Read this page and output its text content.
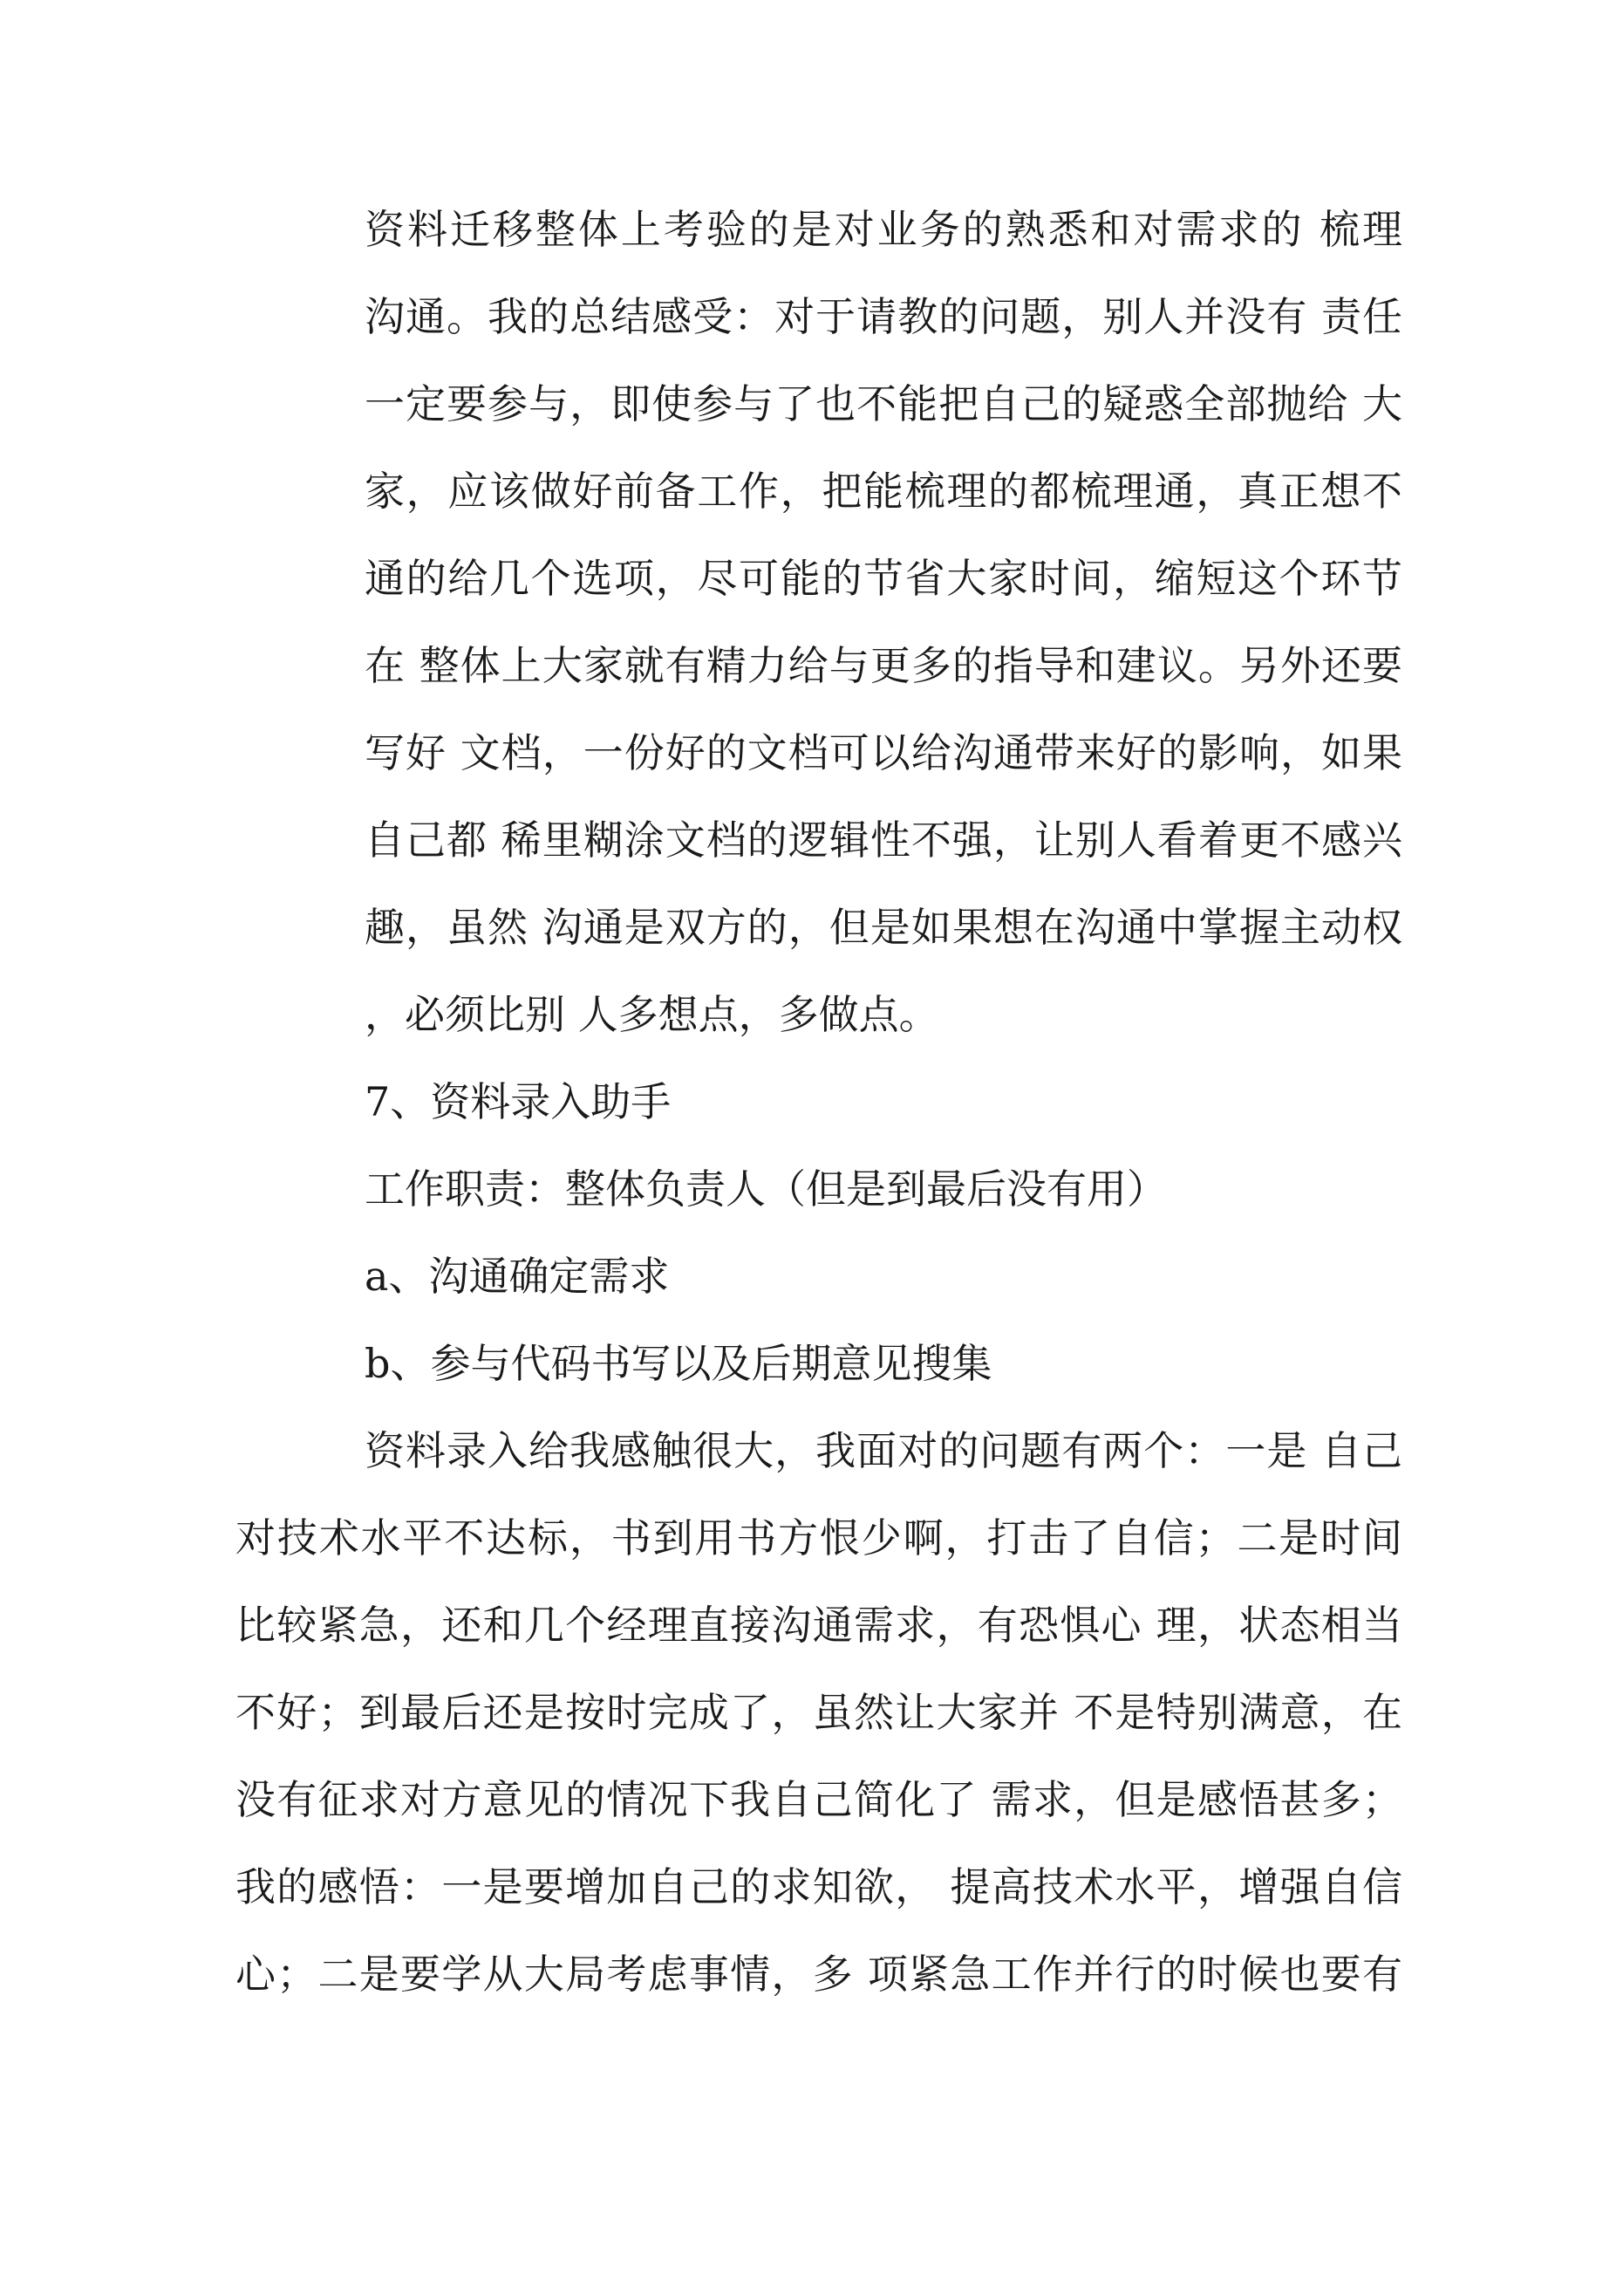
资料迁移整体上考验的是对业务的熟悉和对需求的 梳理

沟通。我的总结感受：对于请教的问题，别人并没有 责任

一定要参与，即使参与了也不能把自己的疑惑全部抛给 大

家，应该做好前备工作，把能梳理的都梳理通，真正想不

通的给几个选项，尽可能的节省大家时间，缩短这个环节

在 整体上大家就有精力给与更多的指导和建议。另外还要

写好 文档，一份好的文档可以给沟通带来好的影响，如果

自己都 稀里糊涂文档的逻辑性不强，让别人看着更不感兴

趣，虽然 沟通是双方的，但是如果想在沟通中掌握主动权

，必须比别 人多想点，多做点。

7、资料录入助手

工作职责：整体负责人（但是到最后没有用）

a、沟通确定需求

b、参与代码书写以及后期意见搜集

资料录入给我感触很大，我面对的问题有两个：一是 自己

对技术水平不达标，书到用书方恨少啊，打击了自信；二是时间

比较紧急，还和几个经理直接沟通需求，有恐惧心 理，状态相当

不好；到最后还是按时完成了，虽然让大家并 不是特别满意，在

没有征求对方意见的情况下我自己简化了 需求，但是感悟甚多；

我的感悟：一是要增加自己的求知欲， 提高技术水平，增强自信

心；二是要学从大局考虑事情，多 项紧急工作并行的时候也要有
